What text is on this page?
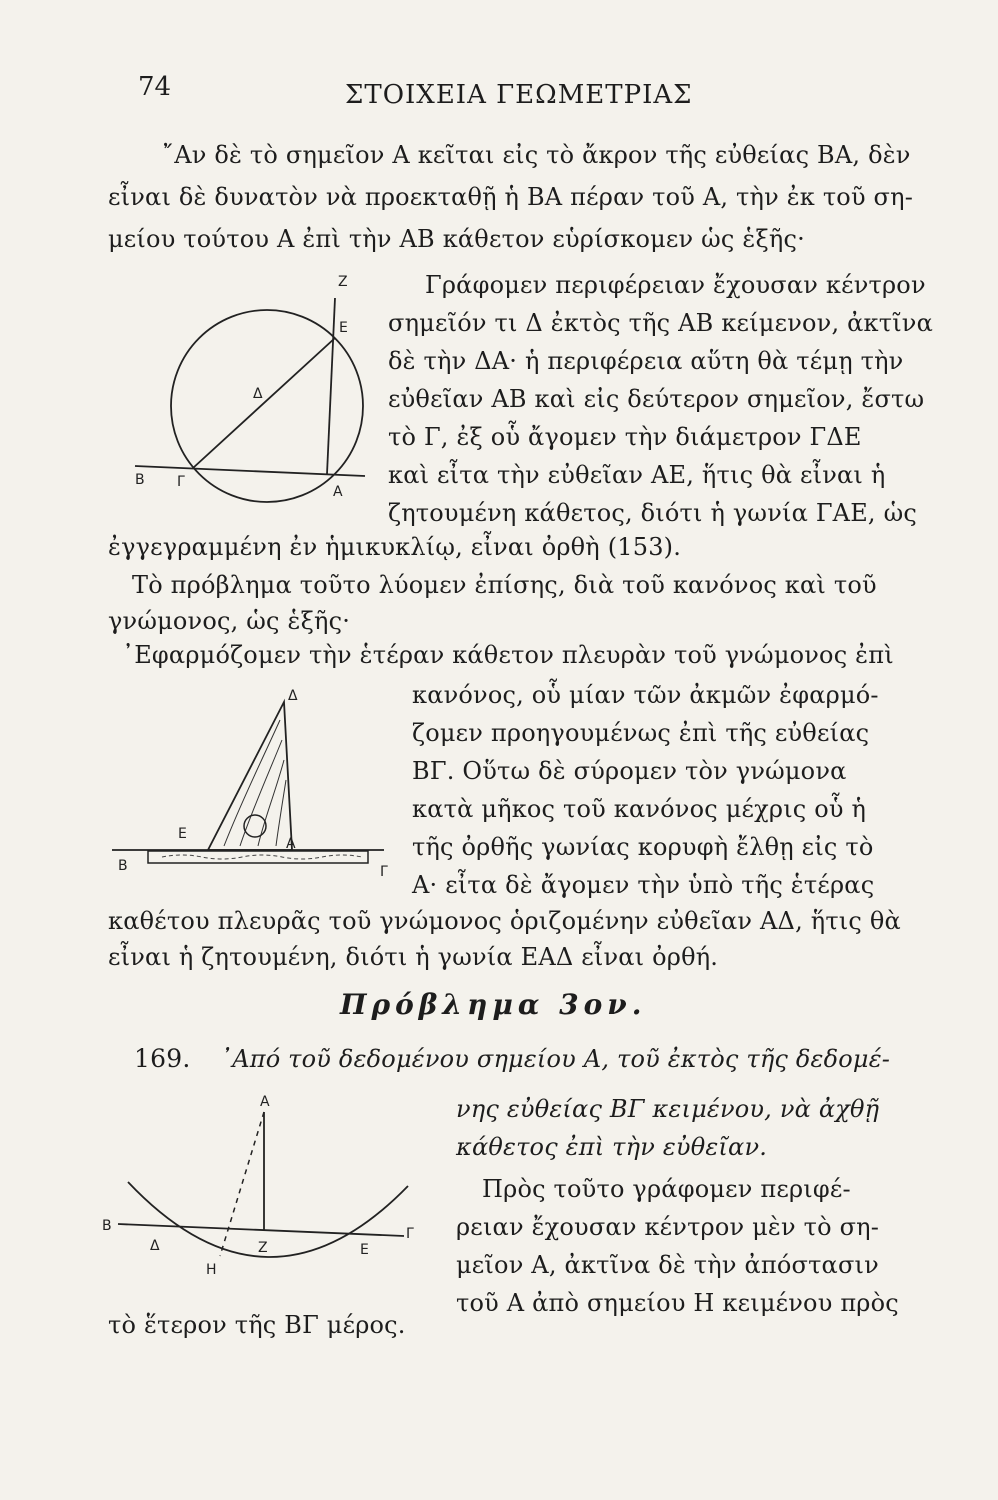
74	ΣΤΟΙΧΕΙΑ ΓΕΩΜΕΤΡΙΑΣ
῎Αν δὲ τὸ σημεῖον Α κεῖται εἰς τὸ ἄκρον τῆς εὐθείας ΒΑ, δὲν
εἶναι δὲ δυνατὸν νὰ προεκταθῇ ἡ ΒΑ πέραν τοῦ Α, τὴν ἐκ τοῦ ση-
μείου τούτου Α ἐπὶ τὴν ΑΒ κάθετον εὑρίσκομεν ὡς ἑξῆς·
Z
E
Δ
Β Γ
Α
Γράφομεν περιφέρειαν ἔχουσαν κέντρον
σημεῖόν τι Δ ἐκτὸς τῆς ΑΒ κείμενον, ἀκτῖνα
δὲ τὴν ΔΑ· ἡ περιφέρεια αὕτη θὰ τέμῃ τὴν
εὐθεῖαν ΑΒ καὶ εἰς δεύτερον σημεῖον, ἔστω
τὸ Γ, ἐξ οὗ ἄγομεν τὴν διάμετρον ΓΔΕ
καὶ εἶτα τὴν εὐθεῖαν ΑΕ, ἥτις θὰ εἶναι ἡ
ζητουμένη κάθετος, διότι ἡ γωνία ΓΑΕ, ὡς
ἐγγεγραμμένη ἐν ἡμικυκλίῳ, εἶναι ὀρθὴ (153).
Τὸ πρόβλημα τοῦτο λύομεν ἐπίσης, διὰ τοῦ κανόνος καὶ τοῦ
γνώμονος, ὡς ἑξῆς·
᾽Εφαρμόζομεν τὴν ἑτέραν κάθετον πλευρὰν τοῦ γνώμονος ἐπὶ
Δ
Ε
Α
Β	Γ
κανόνος, οὗ μίαν τῶν ἀκμῶν ἐφαρμό-
ζομεν προηγουμένως ἐπὶ τῆς εὐθείας
ΒΓ. Οὕτω δὲ σύρομεν τὸν γνώμονα
κατὰ μῆκος τοῦ κανόνος μέχρις οὗ ἡ
τῆς ὀρθῆς γωνίας κορυφὴ ἔλθῃ εἰς τὸ
Α· εἶτα δὲ ἄγομεν τὴν ὑπὸ τῆς ἑτέρας
καθέτου πλευρᾶς τοῦ γνώμονος ὁριζομένην εὐθεῖαν ΑΔ, ἥτις θὰ
εἶναι ἡ ζητουμένη, διότι ἡ γωνία ΕΑΔ εἶναι ὀρθή.
Πρόβλημα 3ον.
169. ᾽Από τοῦ δεδομένου σημείου Α, τοῦ ἐκτὸς τῆς δεδομέ-
νης εὐθείας ΒΓ κειμένου, νὰ ἀχθῇ
κάθετος ἐπὶ τὴν εὐθεῖαν.
Α
Β
Δ	Ζ	Ε
Γ
Η
Πρὸς τοῦτο γράφομεν περιφέ-
ρειαν ἔχουσαν κέντρον μὲν τὸ ση-
μεῖον Α, ἀκτῖνα δὲ τὴν ἀπόστασιν
τοῦ Α ἀπὸ σημείου Η κειμένου πρὸς
τὸ ἕτερον τῆς ΒΓ μέρος.
